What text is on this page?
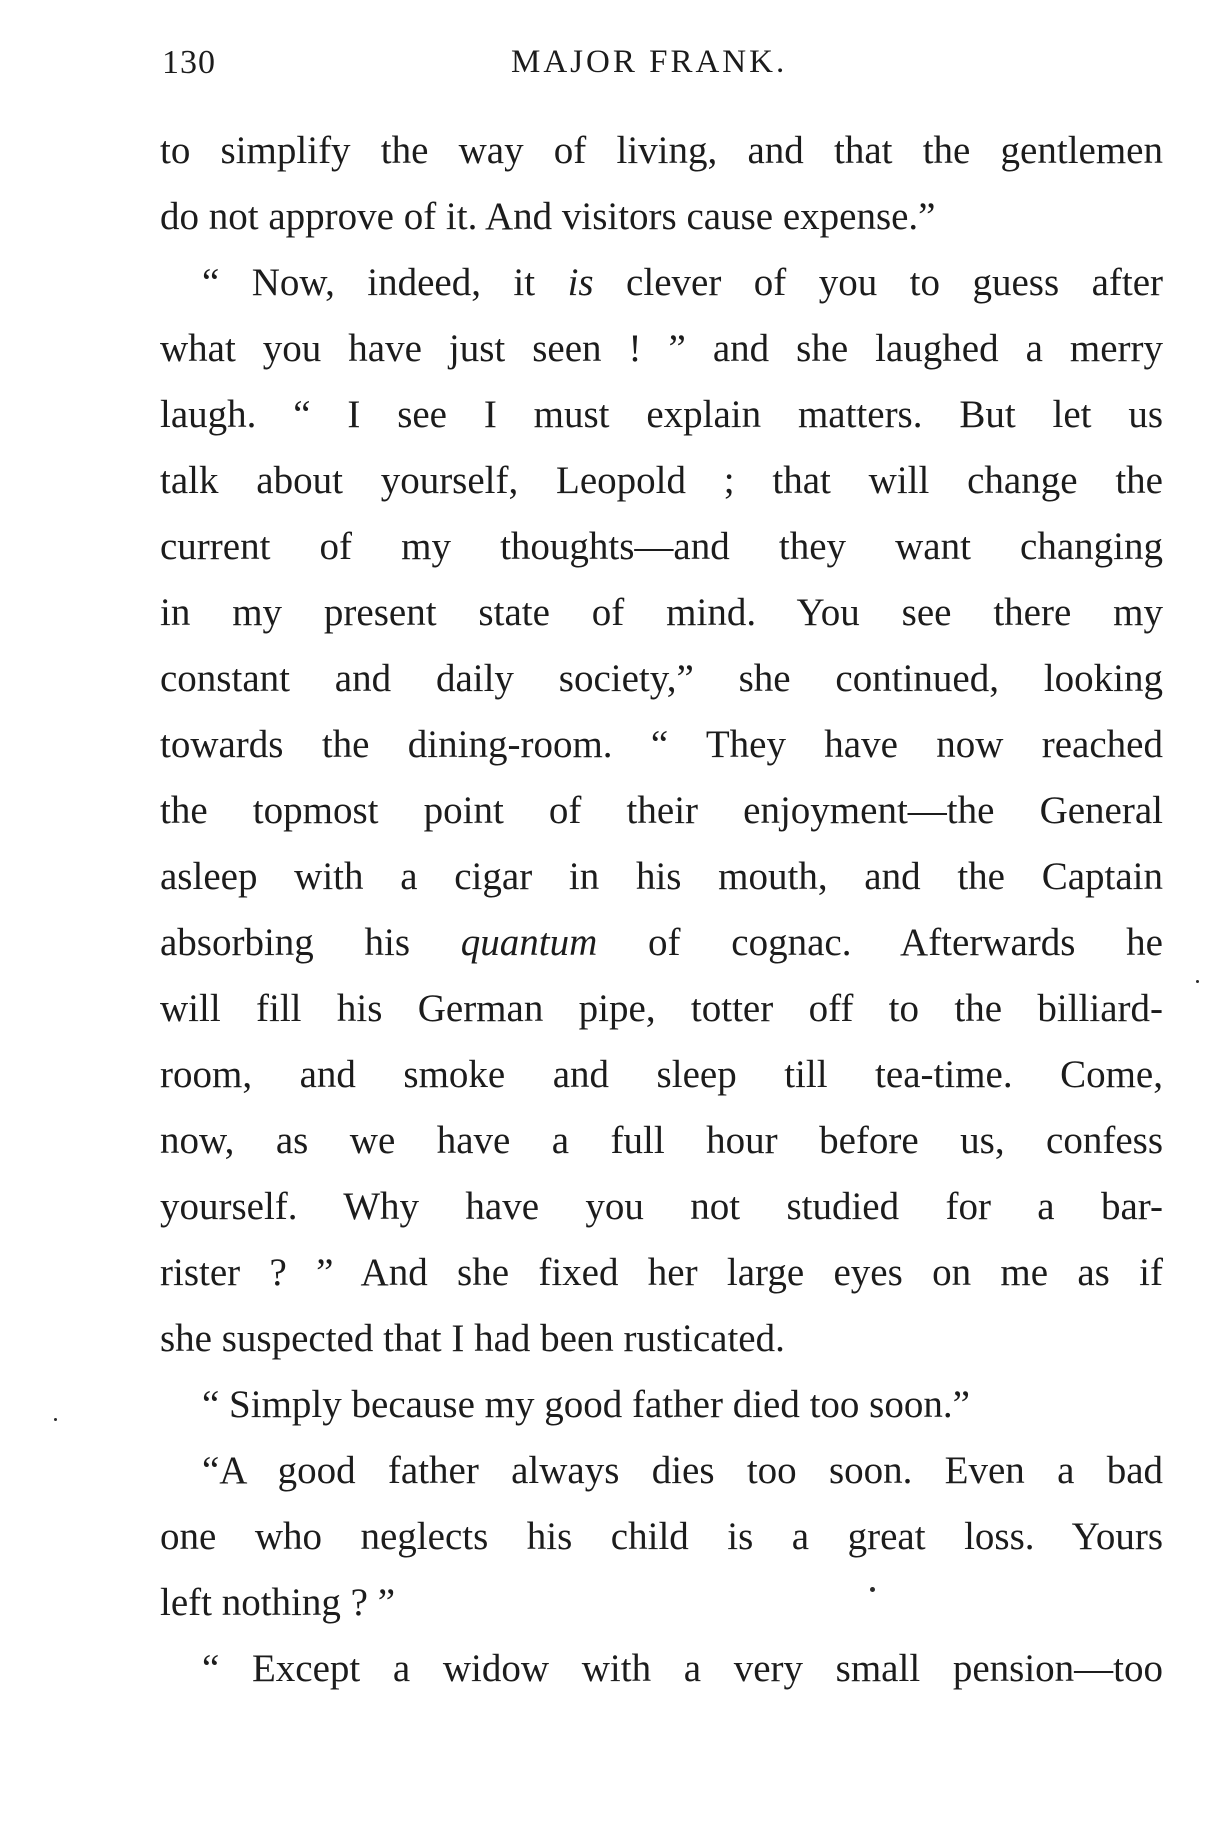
130	MAJOR FRANK.
to simplify the way of living, and that the gentlemen
do not approve of it. And visitors cause expense.”
“ Now, indeed, it is clever of you to guess after
what you have just seen ! ” and she laughed a merry
laugh. “ I see I must explain matters. But let us
talk about yourself, Leopold ; that will change the
current of my thoughts—and they want changing
in my present state of mind. You see there my
constant and daily society,” she continued, looking
towards the dining-room. “ They have now reached
the topmost point of their enjoyment—the General
asleep with a cigar in his mouth, and the Captain
absorbing his quantum of cognac. Afterwards he
will fill his German pipe, totter off to the billiard-
room, and smoke and sleep till tea-time. Come,
now, as we have a full hour before us, confess
yourself. Why have you not studied for a bar-
rister ? ” And she fixed her large eyes on me as if
she suspected that I had been rusticated.
“ Simply because my good father died too soon.”
“A good father always dies too soon. Even a bad
one who neglects his child is a great loss. Yours
left nothing ? ”
“ Except a widow with a very small pension—too
